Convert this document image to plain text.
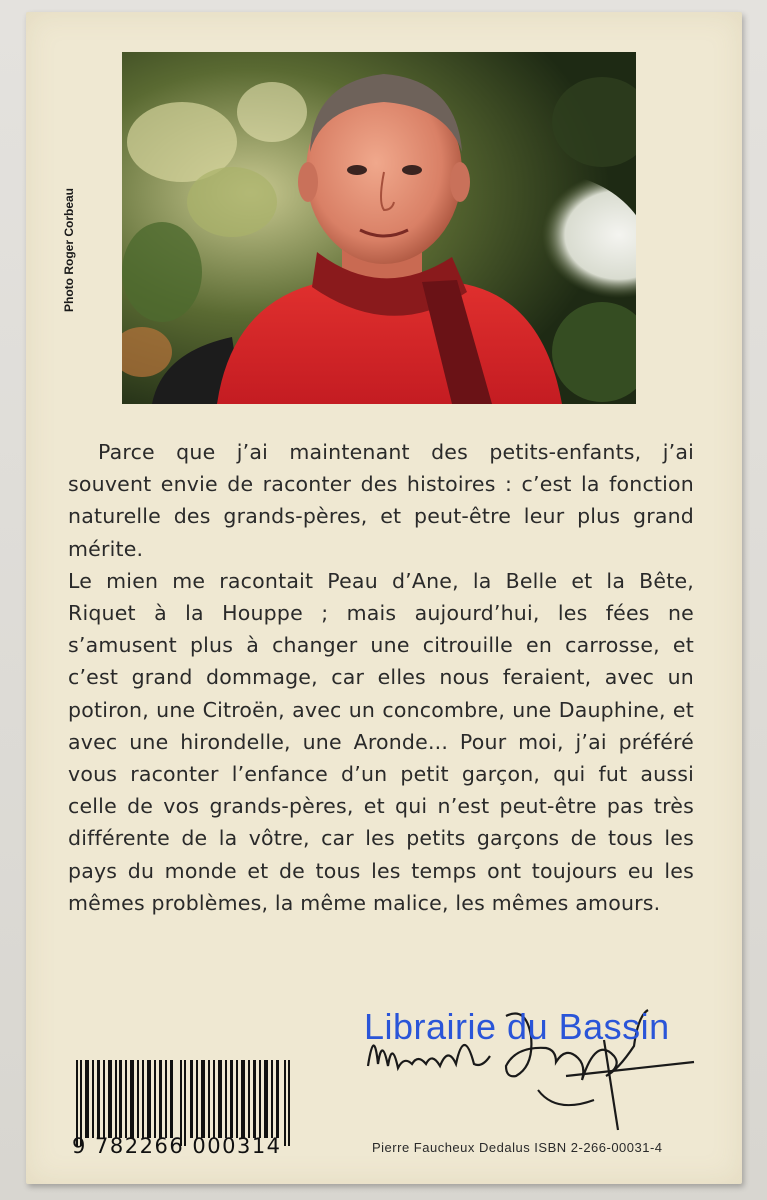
Photo Roger Corbeau

Parce que j’ai maintenant des petits-enfants, j’ai souvent envie de raconter des histoires : c’est la fonction naturelle des grands-pères, et peut-être leur plus grand mérite.

Le mien me racontait Peau d’Ane, la Belle et la Bête, Riquet à la Houppe ; mais aujourd’hui, les fées ne s’amusent plus à changer une citrouille en carrosse, et c’est grand dommage, car elles nous feraient, avec un potiron, une Citroën, avec un concombre, une Dauphine, et avec une hirondelle, une Aronde... Pour moi, j’ai préféré vous raconter l’enfance d’un petit garçon, qui fut aussi celle de vos grands-pères, et qui n’est peut-être pas très différente de la vôtre, car les petits garçons de tous les pays du monde et de tous les temps ont toujours eu les mêmes problèmes, la même malice, les mêmes amours.

9 782266 000314
Librairie du Bassin
Pierre Faucheux Dedalus ISBN 2-266-00031-4
